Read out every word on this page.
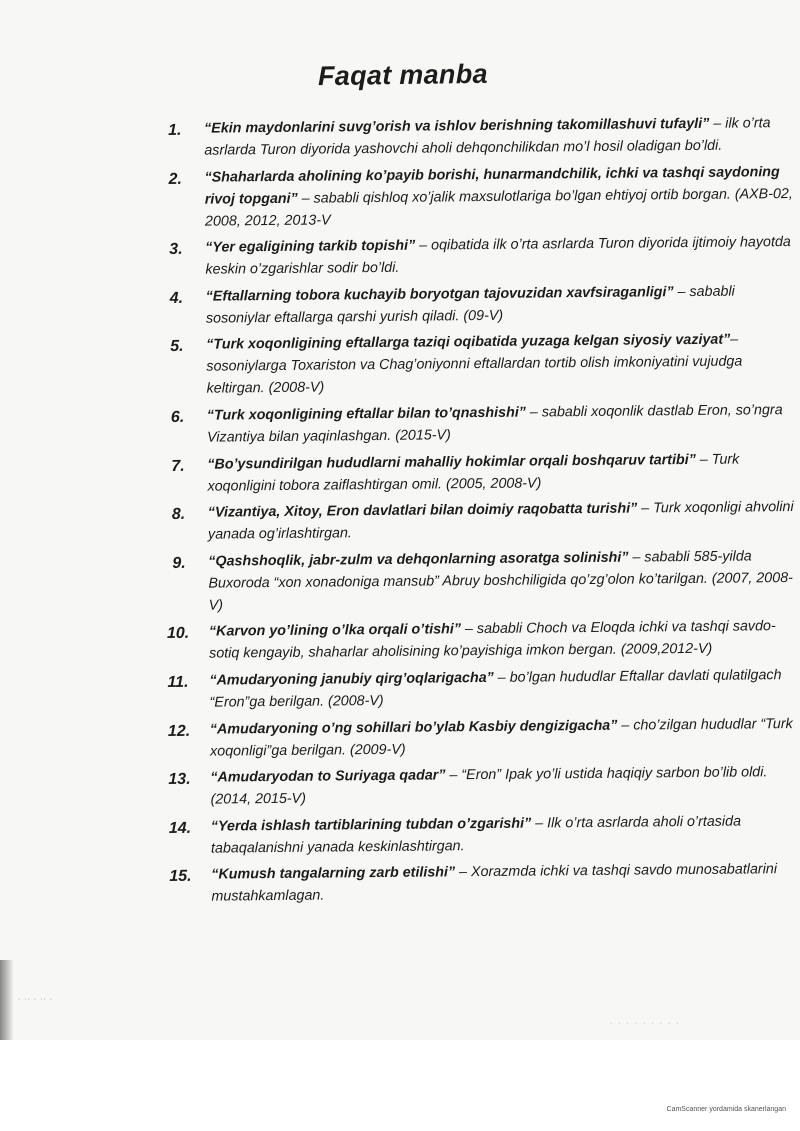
Faqat manba
1. “Ekin maydonlarini suvg’orish va ishlov berishning takomillashuvi tufayli” – ilk o’rta asrlarda Turon diyorida yashovchi aholi dehqonchilikdan mo’l hosil oladigan bo’ldi.
2. “Shaharlarda aholining ko’payib borishi, hunarmandchilik, ichki va tashqi saydoning rivoj topgani” – sababli qishloq xo’jalik maxsulotlariga bo’lgan ehtiyoj ortib borgan. (AXB-02, 2008, 2012, 2013-V
3. “Yer egaligining tarkib topishi” – oqibatida ilk o’rta asrlarda Turon diyorida ijtimoiy hayotda keskin o’zgarishlar sodir bo’ldi.
4. “Eftallarning tobora kuchayib boryotgan tajovuzidan xavfsiraganligi” – sababli sosoniylar eftallarga qarshi yurish qiladi. (09-V)
5. “Turk xoqonligining eftallarga taziqi oqibatida yuzaga kelgan siyosiy vaziyat”– sosoniylarga Toxariston va Chag’oniyonni eftallardan tortib olish imkoniyatini vujudga keltirgan. (2008-V)
6. “Turk xoqonligining eftallar bilan to’qnashishi” – sababli xoqonlik dastlab Eron, so’ngra Vizantiya bilan yaqinlashgan. (2015-V)
7. “Bo’ysundirilgan hududlarni mahalliy hokimlar orqali boshqaruv tartibi” – Turk xoqonligini tobora zaiflashtirgan omil. (2005, 2008-V)
8. “Vizantiya, Xitoy, Eron davlatlari bilan doimiy raqobatta turishi” – Turk xoqonligi ahvolini yanada og’irlashtirgan.
9. “Qashshoqlik, jabr-zulm va dehqonlarning asoratga solinishi” – sababli 585-yilda Buxoroda “xon xonadoniga mansub” Abruy boshchiligida qo’zg’olon ko’tarilgan. (2007, 2008-V)
10. “Karvon yo’lining o’lka orqali o’tishi” – sababli Choch va Eloqda ichki va tashqi savdo-sotiq kengayib, shaharlar aholisining ko’payishiga imkon bergan. (2009,2012-V)
11. “Amudaryoning janubiy qirg’oqlarigacha” – bo’lgan hududlar Eftallar davlati qulatilgach “Eron”ga berilgan. (2008-V)
12. “Amudaryoning o’ng sohillari bo’ylab Kasbiy dengizigacha” – cho’zilgan hududlar “Turk xoqonligi”ga berilgan. (2009-V)
13. “Amudaryodan to Suriyaga qadar” – “Eron” Ipak yo’li ustida haqiqiy sarbon bo’lib oldi. (2014, 2015-V)
14. “Yerda ishlash tartiblarining tubdan o’zgarishi” – Ilk o’rta asrlarda aholi o’rtasida tabaqalanishni yanada keskinlashtirgan.
15. “Kumush tangalarning zarb etilishi” – Xorazmda ichki va tashqi savdo munosabatlarini mustahkamlagan.
· ·· · ·· ·
· · · · · · · · ·
CamScanner yordamida skanerlangan
